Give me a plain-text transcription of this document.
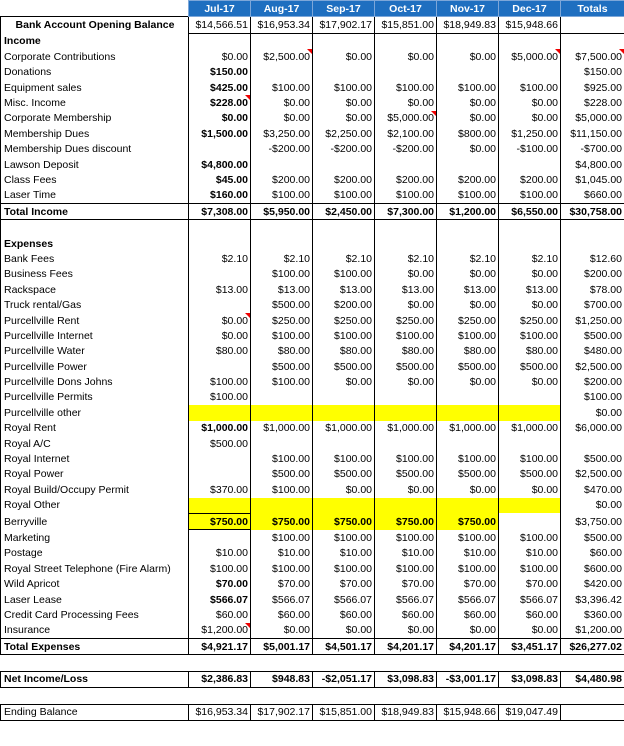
	Jul-17	Aug-17	Sep-17	Oct-17	Nov-17	Dec-17	Totals
Bank Account Opening Balance	$14,566.51	$16,953.34	$17,902.17	$15,851.00	$18,949.83	$15,948.66	
Income							
Corporate Contributions	$0.00	$2,500.00	$0.00	$0.00	$0.00	$5,000.00	$7,500.00
Donations	$150.00						$150.00
Equipment sales	$425.00	$100.00	$100.00	$100.00	$100.00	$100.00	$925.00
Misc. Income	$228.00	$0.00	$0.00	$0.00	$0.00	$0.00	$228.00
Corporate Membership	$0.00	$0.00	$0.00	$5,000.00	$0.00	$0.00	$5,000.00
Membership Dues	$1,500.00	$3,250.00	$2,250.00	$2,100.00	$800.00	$1,250.00	$11,150.00
Membership Dues discount		-$200.00	-$200.00	-$200.00	$0.00	-$100.00	-$700.00
Lawson Deposit	$4,800.00						$4,800.00
Class Fees	$45.00	$200.00	$200.00	$200.00	$200.00	$200.00	$1,045.00
Laser Time	$160.00	$100.00	$100.00	$100.00	$100.00	$100.00	$660.00
Total Income	$7,308.00	$5,950.00	$2,450.00	$7,300.00	$1,200.00	$6,550.00	$30,758.00

Expenses							
Bank Fees	$2.10	$2.10	$2.10	$2.10	$2.10	$2.10	$12.60
Business Fees		$100.00	$100.00	$0.00	$0.00	$0.00	$200.00
Rackspace	$13.00	$13.00	$13.00	$13.00	$13.00	$13.00	$78.00
Truck rental/Gas		$500.00	$200.00	$0.00	$0.00	$0.00	$700.00
Purcellville Rent	$0.00	$250.00	$250.00	$250.00	$250.00	$250.00	$1,250.00
Purcellville Internet	$0.00	$100.00	$100.00	$100.00	$100.00	$100.00	$500.00
Purcellville Water	$80.00	$80.00	$80.00	$80.00	$80.00	$80.00	$480.00
Purcellville Power		$500.00	$500.00	$500.00	$500.00	$500.00	$2,500.00
Purcellville Dons Johns	$100.00	$100.00	$0.00	$0.00	$0.00	$0.00	$200.00
Purcellville Permits	$100.00						$100.00
Purcellville other							$0.00
Royal Rent	$1,000.00	$1,000.00	$1,000.00	$1,000.00	$1,000.00	$1,000.00	$6,000.00
Royal A/C	$500.00						
Royal Internet		$100.00	$100.00	$100.00	$100.00	$100.00	$500.00
Royal Power		$500.00	$500.00	$500.00	$500.00	$500.00	$2,500.00
Royal Build/Occupy Permit	$370.00	$100.00	$0.00	$0.00	$0.00	$0.00	$470.00
Royal Other							$0.00
Berryville	$750.00	$750.00	$750.00	$750.00	$750.00		$3,750.00
Marketing		$100.00	$100.00	$100.00	$100.00	$100.00	$500.00
Postage	$10.00	$10.00	$10.00	$10.00	$10.00	$10.00	$60.00
Royal Street Telephone (Fire Alarm)	$100.00	$100.00	$100.00	$100.00	$100.00	$100.00	$600.00
Wild Apricot	$70.00	$70.00	$70.00	$70.00	$70.00	$70.00	$420.00
Laser Lease	$566.07	$566.07	$566.07	$566.07	$566.07	$566.07	$3,396.42
Credit Card Processing Fees	$60.00	$60.00	$60.00	$60.00	$60.00	$60.00	$360.00
Insurance	$1,200.00	$0.00	$0.00	$0.00	$0.00	$0.00	$1,200.00
Total Expenses	$4,921.17	$5,001.17	$4,501.17	$4,201.17	$4,201.17	$3,451.17	$26,277.02

Net Income/Loss	$2,386.83	$948.83	-$2,051.17	$3,098.83	-$3,001.17	$3,098.83	$4,480.98

Ending Balance	$16,953.34	$17,902.17	$15,851.00	$18,949.83	$15,948.66	$19,047.49	
